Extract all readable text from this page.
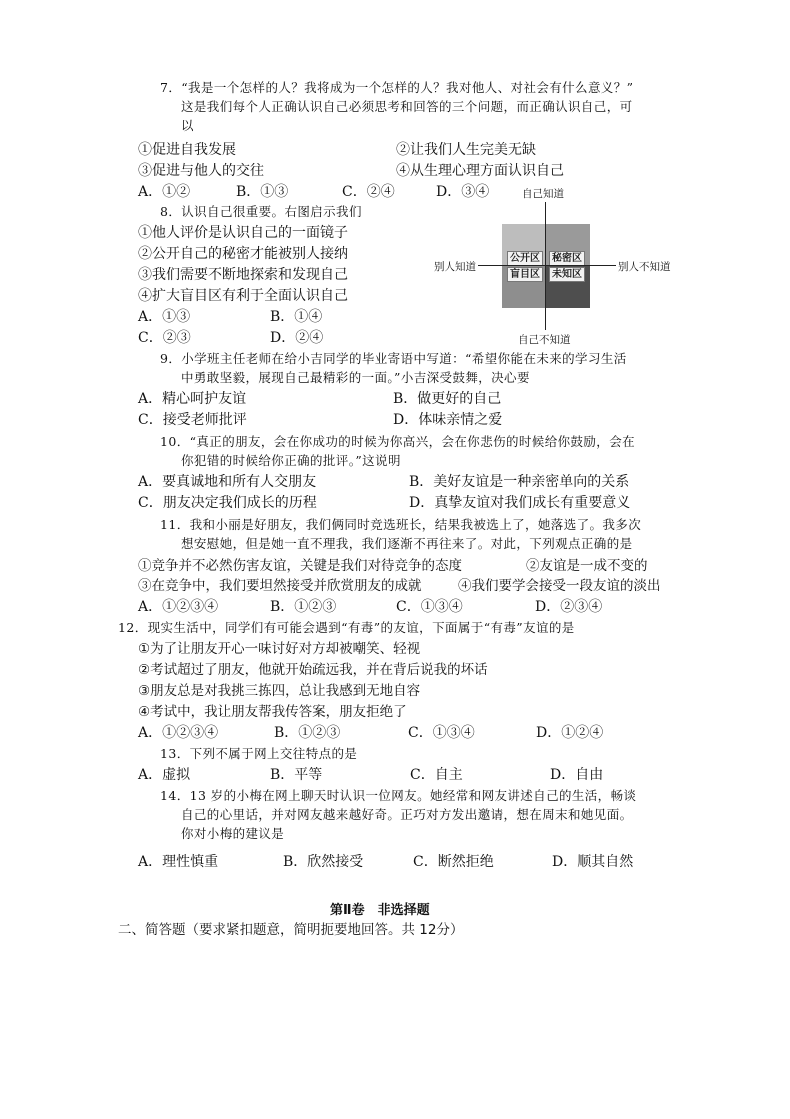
7．“我是一个怎样的人？我将成为一个怎样的人？我对他人、对社会有什么意义？”
这是我们每个人正确认识自己必须思考和回答的三个问题，而正确认识自己，可
以
①促进自我发展	②让我们人生完美无缺
③促进与他人的交往	④从生理心理方面认识自己
A．①②	B．①③	C．②④	D．③④
8．认识自己很重要。右图启示我们
①他人评价是认识自己的一面镜子
②公开自己的秘密才能被别人接纳
③我们需要不断地探索和发现自己
④扩大盲目区有利于全面认识自己
A．①③	B．①④
C．②③	D．②④
自己知道
自己不知道
别人知道	别人不知道
公开区	秘密区
盲目区	未知区
9．小学班主任老师在给小吉同学的毕业寄语中写道：“希望你能在未来的学习生活
中勇敢坚毅，展现自己最精彩的一面。”小吉深受鼓舞，决心要
A．精心呵护友谊	B．做更好的自己
C．接受老师批评	D．体味亲情之爱
10．“真正的朋友，会在你成功的时候为你高兴，会在你悲伤的时候给你鼓励，会在
你犯错的时候给你正确的批评。”这说明
A．要真诚地和所有人交朋友	B．美好友谊是一种亲密单向的关系
C．朋友决定我们成长的历程	D．真挚友谊对我们成长有重要意义
11．我和小丽是好朋友，我们俩同时竞选班长，结果我被选上了，她落选了。我多次
想安慰她，但是她一直不理我，我们逐渐不再往来了。对此，下列观点正确的是
①竞争并不必然伤害友谊，关键是我们对待竞争的态度	②友谊是一成不变的
③在竞争中，我们要坦然接受并欣赏朋友的成就	④我们要学会接受一段友谊的淡出
A．①②③④	B．①②③	C．①③④	D．②③④
12．现实生活中，同学们有可能会遇到“有毒”的友谊，下面属于“有毒”友谊的是
①为了让朋友开心一味讨好对方却被嘲笑、轻视
②考试超过了朋友，他就开始疏远我，并在背后说我的坏话
③朋友总是对我挑三拣四，总让我感到无地自容
④考试中，我让朋友帮我传答案，朋友拒绝了
A．①②③④	B．①②③	C．①③④	D．①②④
13．下列不属于网上交往特点的是
A．虚拟	B．平等	C．自主	D．自由
14．13 岁的小梅在网上聊天时认识一位网友。她经常和网友讲述自己的生活，畅谈
自己的心里话，并对网友越来越好奇。正巧对方发出邀请，想在周末和她见面。
你对小梅的建议是
A．理性慎重	B．欣然接受	C．断然拒绝	D．顺其自然
第Ⅱ卷　非选择题
二、简答题（要求紧扣题意，简明扼要地回答。共 12分）
